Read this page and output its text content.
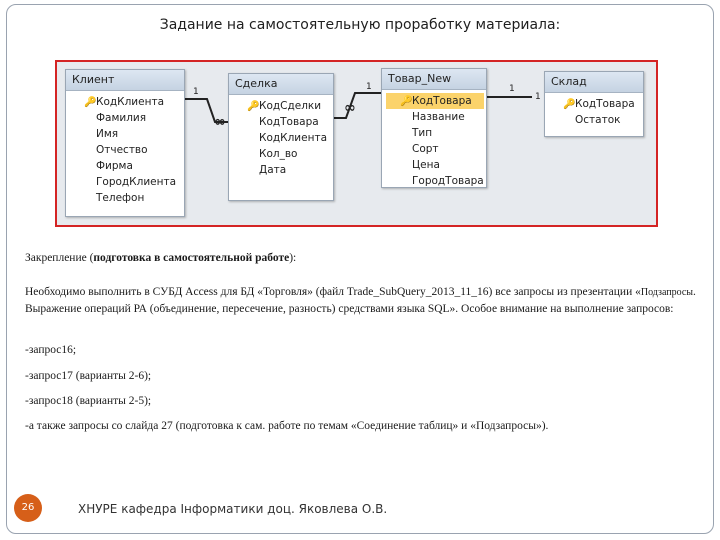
Задание на самостоятельную проработку материала:
1
∞
1
∞
1
1
Клиент
🔑 КодКлиента
Фамилия
Имя
Отчество
Фирма
ГородКлиента
Телефон
Сделка
🔑 КодСделки
КодТовара
КодКлиента
Кол_во
Дата
Товар_New
🔑 КодТовара
Название
Тип
Сорт
Цена
ГородТовара
Склад
🔑 КодТовара
Остаток
Закрепление (подготовка в самостоятельной работе):
Необходимо выполнить в СУБД Access для БД «Торговля» (файл Trade_SubQuery_2013_11_16) все запросы из презентации «Подзапросы. Выражение операций РА (объединение, пересечение, разность) средствами языка SQL». Особое внимание на выполнение запросов:
-запрос16;
-запрос17 (варианты 2-6);
-запрос18 (варианты 2-5);
-а также запросы со слайда 27 (подготовка к сам. работе по темам «Соединение таблиц» и «Подзапросы»).
26	ХНУРЕ кафедра Інформатики доц. Яковлева О.В.
